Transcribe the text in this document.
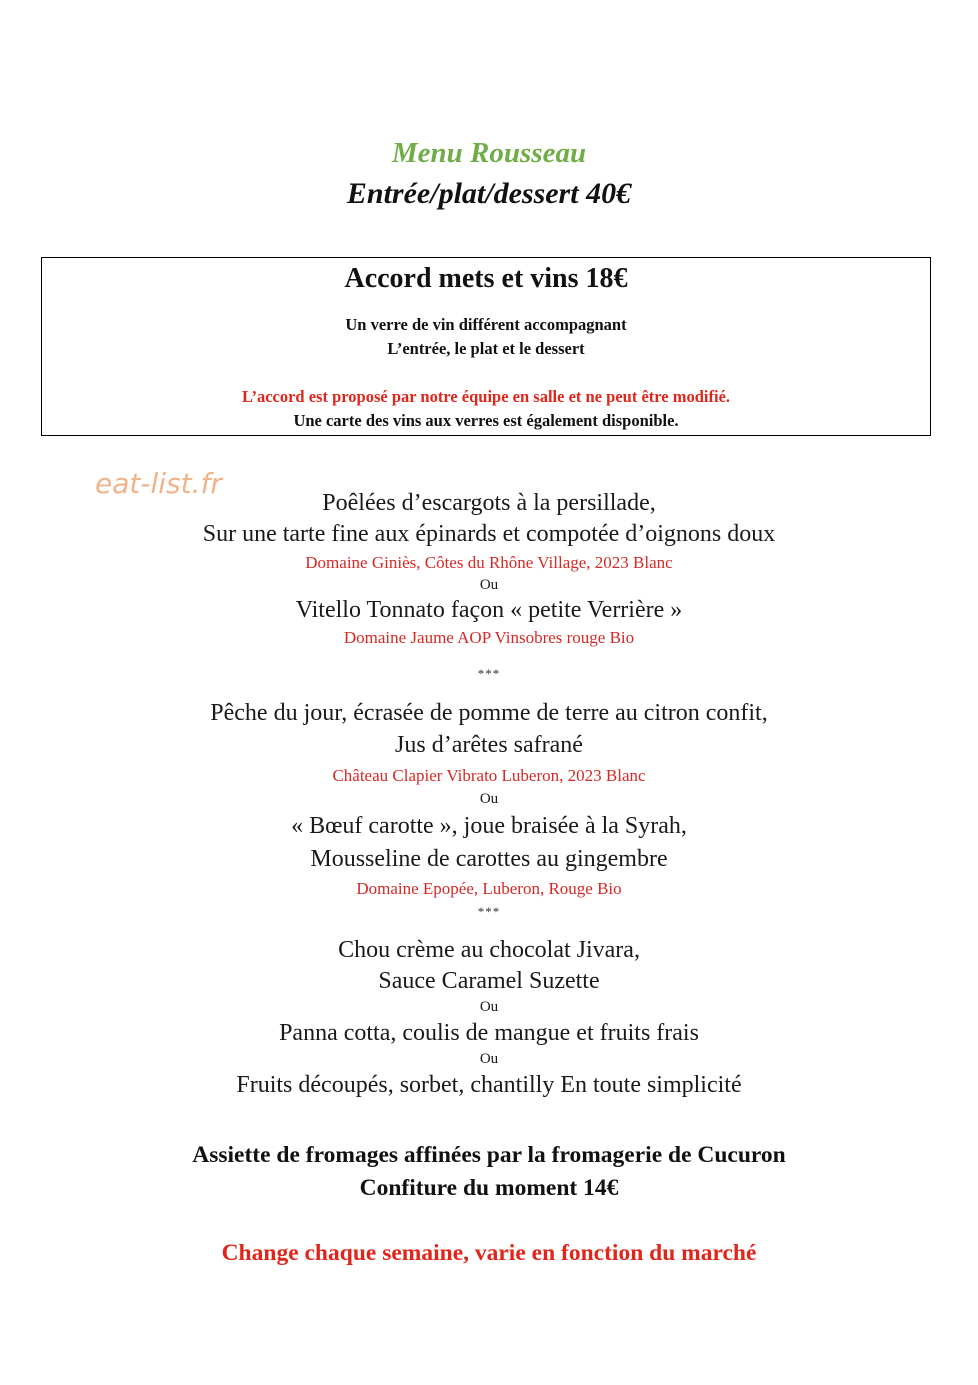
Menu Rousseau
Entrée/plat/dessert 40€
Accord mets et vins 18€
Un verre de vin différent accompagnant
L’entrée, le plat et le dessert
L’accord est proposé par notre équipe en salle et ne peut être modifié.
Une carte des vins aux verres est également disponible.
eat-list.fr
Poêlées d’escargots à la persillade,
Sur une tarte fine aux épinards et compotée d’oignons doux
Domaine Giniès, Côtes du Rhône Village, 2023 Blanc
Ou
Vitello Tonnato façon « petite Verrière »
Domaine Jaume AOP Vinsobres rouge Bio
***
Pêche du jour, écrasée de pomme de terre au citron confit,
Jus d’arêtes safrané
Château Clapier Vibrato Luberon, 2023 Blanc
Ou
« Bœuf carotte », joue braisée à la Syrah,
Mousseline de carottes au gingembre
Domaine Epopée, Luberon, Rouge Bio
***
Chou crème au chocolat Jivara,
Sauce Caramel Suzette
Ou
Panna cotta, coulis de mangue et fruits frais
Ou
Fruits découpés, sorbet, chantilly En toute simplicité
Assiette de fromages affinées par la fromagerie de Cucuron
Confiture du moment 14€
Change chaque semaine, varie en fonction du marché
